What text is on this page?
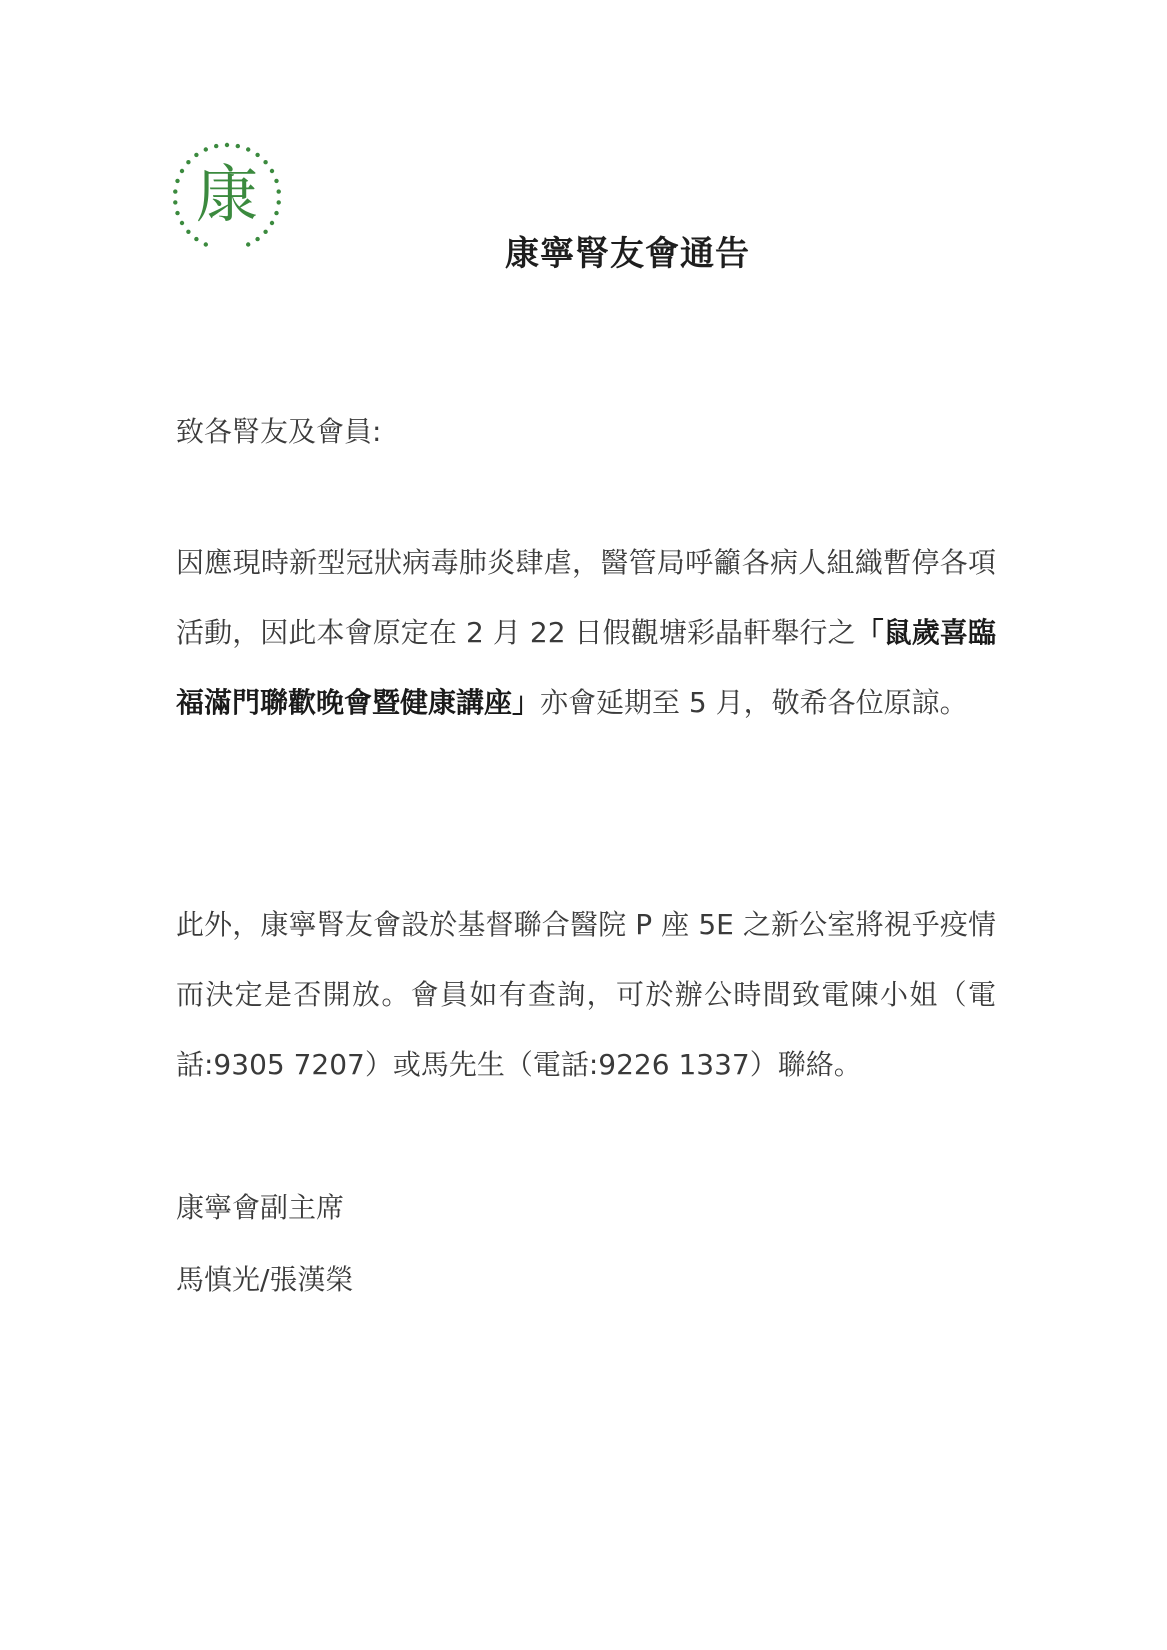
康
康寧腎友會通告
致各腎友及會員:
因應現時新型冠狀病毒肺炎肆虐，醫管局呼籲各病人組織暫停各項活動，因此本會原定在 2 月 22 日假觀塘彩晶軒舉行之「鼠歲喜臨福滿門聯歡晚會暨健康講座」亦會延期至 5 月，敬希各位原諒。
此外，康寧腎友會設於基督聯合醫院 P 座 5E 之新公室將視乎疫情而決定是否開放。會員如有查詢，可於辦公時間致電陳小姐（電話:9305 7207）或馬先生（電話:9226 1337）聯絡。
康寧會副主席
馬慎光/張漢榮
